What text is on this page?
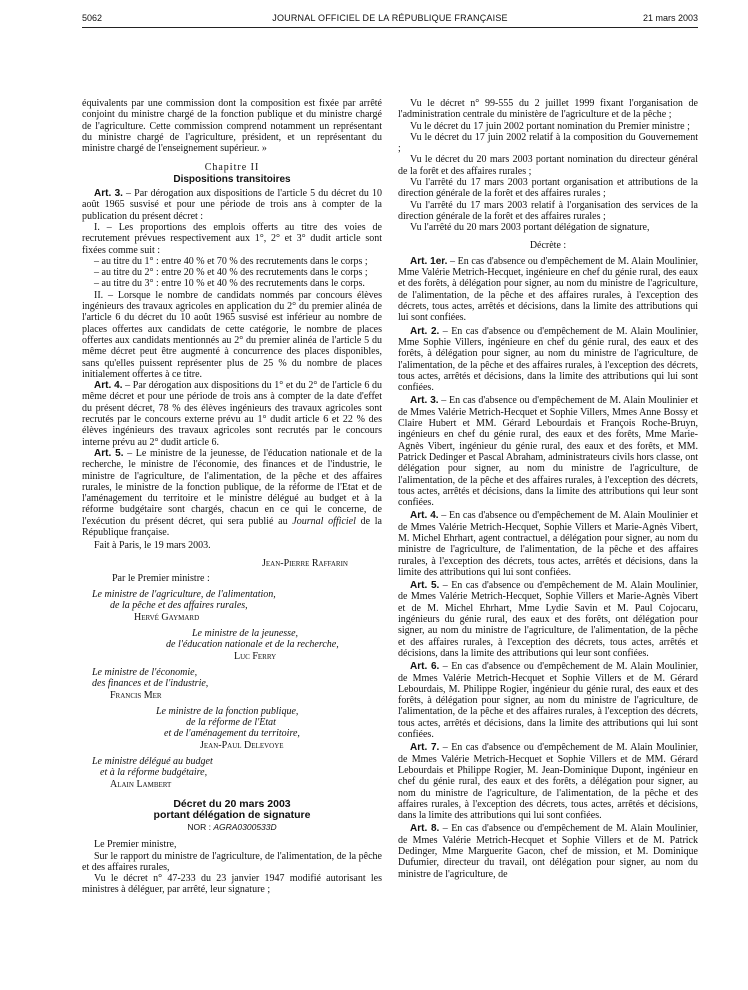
5062	JOURNAL OFFICIEL DE LA RÉPUBLIQUE FRANÇAISE	21 mars 2003

équivalents par une commission dont la composition est fixée par arrêté conjoint du ministre chargé de la fonction publique et du ministre chargé de l'agriculture. Cette commission comprend notamment un représentant du ministre chargé de l'agriculture, président, et un représentant du ministre chargé de l'enseignement supérieur. »

Chapitre II

Dispositions transitoires

Art. 3. – Par dérogation aux dispositions de l'article 5 du décret du 10 août 1965 susvisé et pour une période de trois ans à compter de la publication du présent décret :

I. – Les proportions des emplois offerts au titre des voies de recrutement prévues respectivement aux 1°, 2° et 3° dudit article sont fixées comme suit :

– au titre du 1° : entre 40 % et 70 % des recrutements dans le corps ;

– au titre du 2° : entre 20 % et 40 % des recrutements dans le corps ;

– au titre du 3° : entre 10 % et 40 % des recrutements dans le corps.

II. – Lorsque le nombre de candidats nommés par concours élèves ingénieurs des travaux agricoles en application du 2° du premier alinéa de l'article 6 du décret du 10 août 1965 susvisé est inférieur au nombre de places offertes aux candidats de cette catégorie, le nombre de places offertes aux candidats mentionnés au 2° du premier alinéa de l'article 5 du même décret peut être augmenté à concurrence des places disponibles, sans qu'elles puissent représenter plus de 25 % du nombre de places initialement offertes à ce titre.

Art. 4. – Par dérogation aux dispositions du 1° et du 2° de l'article 6 du même décret et pour une période de trois ans à compter de la date d'effet du présent décret, 78 % des élèves ingénieurs des travaux agricoles sont recrutés par le concours externe prévu au 1° dudit article 6 et 22 % des élèves ingénieurs des travaux agricoles sont recrutés par le concours interne prévu au 2° dudit article 6.

Art. 5. – Le ministre de la jeunesse, de l'éducation nationale et de la recherche, le ministre de l'économie, des finances et de l'industrie, le ministre de l'agriculture, de l'alimentation, de la pêche et des affaires rurales, le ministre de la fonction publique, de la réforme de l'Etat et de l'aménagement du territoire et le ministre délégué au budget et à la réforme budgétaire sont chargés, chacun en ce qui le concerne, de l'exécution du présent décret, qui sera publié au Journal officiel de la République française.

Fait à Paris, le 19 mars 2003.

Jean-Pierre Raffarin

Par le Premier ministre :

Le ministre de l'agriculture, de l'alimentation,

de la pêche et des affaires rurales,

Hervé Gaymard

Le ministre de la jeunesse,

de l'éducation nationale et de la recherche,

Luc Ferry

Le ministre de l'économie,

des finances et de l'industrie,

Francis Mer

Le ministre de la fonction publique,

de la réforme de l'Etat

et de l'aménagement du territoire,

Jean-Paul Delevoye

Le ministre délégué au budget

et à la réforme budgétaire,

Alain Lambert

Décret du 20 mars 2003
portant délégation de signature

NOR : AGRA0300533D

Le Premier ministre,

Sur le rapport du ministre de l'agriculture, de l'alimentation, de la pêche et des affaires rurales,

Vu le décret n° 47-233 du 23 janvier 1947 modifié autorisant les ministres à déléguer, par arrêté, leur signature ;

Vu le décret n° 99-555 du 2 juillet 1999 fixant l'organisation de l'administration centrale du ministère de l'agriculture et de la pêche ;

Vu le décret du 17 juin 2002 portant nomination du Premier ministre ;

Vu le décret du 17 juin 2002 relatif à la composition du Gouvernement ;

Vu le décret du 20 mars 2003 portant nomination du directeur général de la forêt et des affaires rurales ;

Vu l'arrêté du 17 mars 2003 portant organisation et attributions de la direction générale de la forêt et des affaires rurales ;

Vu l'arrêté du 17 mars 2003 relatif à l'organisation des services de la direction générale de la forêt et des affaires rurales ;

Vu l'arrêté du 20 mars 2003 portant délégation de signature,

Décrète :

Art. 1er. – En cas d'absence ou d'empêchement de M. Alain Moulinier, Mme Valérie Metrich-Hecquet, ingénieure en chef du génie rural, des eaux et des forêts, à délégation pour signer, au nom du ministre de l'agriculture, de l'alimentation, de la pêche et des affaires rurales, à l'exception des décrets, tous actes, arrêtés et décisions, dans la limite des attributions qui lui sont confiées.

Art. 2. – En cas d'absence ou d'empêchement de M. Alain Moulinier, Mme Sophie Villers, ingénieure en chef du génie rural, des eaux et des forêts, à délégation pour signer, au nom du ministre de l'agriculture, de l'alimentation, de la pêche et des affaires rurales, à l'exception des décrets, tous actes, arrêtés et décisions, dans la limite des attributions qui lui sont confiées.

Art. 3. – En cas d'absence ou d'empêchement de M. Alain Moulinier et de Mmes Valérie Metrich-Hecquet et Sophie Villers, Mmes Anne Bossy et Claire Hubert et MM. Gérard Lebourdais et François Roche-Bruyn, ingénieurs en chef du génie rural, des eaux et des forêts, Mme Marie-Agnès Vibert, ingénieur du génie rural, des eaux et des forêts, et MM. Patrick Dedinger et Pascal Abraham, administrateurs civils hors classe, ont délégation pour signer, au nom du ministre de l'agriculture, de l'alimentation, de la pêche et des affaires rurales, à l'exception des décrets, tous actes, arrêtés et décisions, dans la limite des attributions qui leur sont confiées.

Art. 4. – En cas d'absence ou d'empêchement de M. Alain Moulinier et de Mmes Valérie Metrich-Hecquet, Sophie Villers et Marie-Agnès Vibert, M. Michel Ehrhart, agent contractuel, a délégation pour signer, au nom du ministre de l'agriculture, de l'alimentation, de la pêche et des affaires rurales, à l'exception des décrets, tous actes, arrêtés et décisions, dans la limite des attributions qui lui sont confiées.

Art. 5. – En cas d'absence ou d'empêchement de M. Alain Moulinier, de Mmes Valérie Metrich-Hecquet, Sophie Villers et Marie-Agnès Vibert et de M. Michel Ehrhart, Mme Lydie Savin et M. Paul Cojocaru, ingénieurs du génie rural, des eaux et des forêts, ont délégation pour signer, au nom du ministre de l'agriculture, de l'alimentation, de la pêche et des affaires rurales, à l'exception des décrets, tous actes, arrêtés et décisions, dans la limite des attributions qui leur sont confiées.

Art. 6. – En cas d'absence ou d'empêchement de M. Alain Moulinier, de Mmes Valérie Metrich-Hecquet et Sophie Villers et de M. Gérard Lebourdais, M. Philippe Rogier, ingénieur du génie rural, des eaux et des forêts, à délégation pour signer, au nom du ministre de l'agriculture, de l'alimentation, de la pêche et des affaires rurales, à l'exception des décrets, tous actes, arrêtés et décisions, dans la limite des attributions qui lui sont confiées.

Art. 7. – En cas d'absence ou d'empêchement de M. Alain Moulinier, de Mmes Valérie Metrich-Hecquet et Sophie Villers et de MM. Gérard Lebourdais et Philippe Rogier, M. Jean-Dominique Dupont, ingénieur en chef du génie rural, des eaux et des forêts, a délégation pour signer, au nom du ministre de l'agriculture, de l'alimentation, de la pêche et des affaires rurales, à l'exception des décrets, tous actes, arrêtés et décisions, dans la limite des attributions qui lui sont confiées.

Art. 8. – En cas d'absence ou d'empêchement de M. Alain Moulinier, de Mmes Valérie Metrich-Hecquet et Sophie Villers et de M. Patrick Dedinger, Mme Marguerite Gacon, chef de mission, et M. Dominique Dufumier, directeur du travail, ont délégation pour signer, au nom du ministre de l'agriculture, de
